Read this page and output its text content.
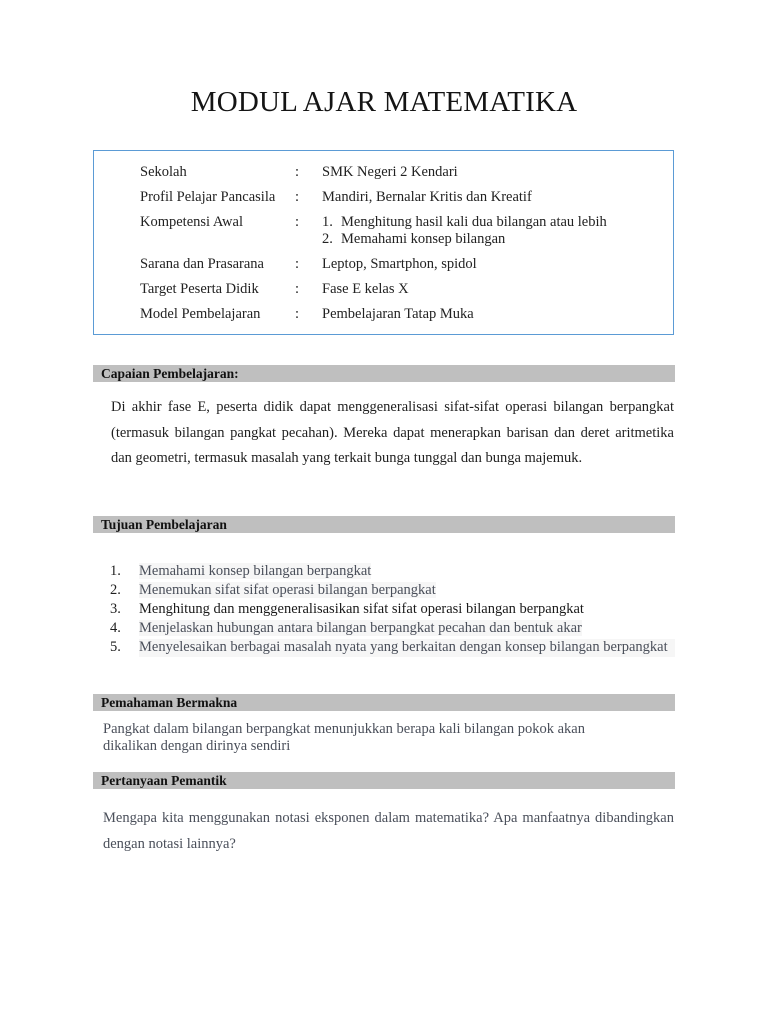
MODUL AJAR MATEMATIKA
Sekolah	: SMK Negeri 2 Kendari
Profil Pelajar Pancasila	: Mandiri, Bernalar Kritis dan Kreatif
Kompetensi Awal	: 1. Menghitung hasil kali dua bilangan atau lebih
2. Memahami konsep bilangan
Sarana dan Prasarana	: Leptop, Smartphon, spidol
Target Peserta Didik	: Fase E kelas X
Model Pembelajaran	: Pembelajaran Tatap Muka
Capaian Pembelajaran:

Di akhir fase E, peserta didik dapat menggeneralisasi sifat-sifat operasi bilangan berpangkat (termasuk bilangan pangkat pecahan). Mereka dapat menerapkan barisan dan deret aritmetika dan geometri, termasuk masalah yang terkait bunga tunggal dan bunga majemuk.

Tujuan Pembelajaran
1. Memahami konsep bilangan berpangkat
2. Menemukan sifat sifat operasi bilangan berpangkat
3. Menghitung dan menggeneralisasikan sifat sifat operasi bilangan berpangkat
4. Menjelaskan hubungan antara bilangan berpangkat pecahan dan bentuk akar
5. Menyelesaikan berbagai masalah nyata yang berkaitan dengan konsep bilangan berpangkat
Pemahaman Bermakna

Pangkat dalam bilangan berpangkat menunjukkan berapa kali bilangan pokok akan dikalikan dengan dirinya sendiri

Pertanyaan Pemantik

Mengapa kita menggunakan notasi eksponen dalam matematika? Apa manfaatnya dibandingkan dengan notasi lainnya?
